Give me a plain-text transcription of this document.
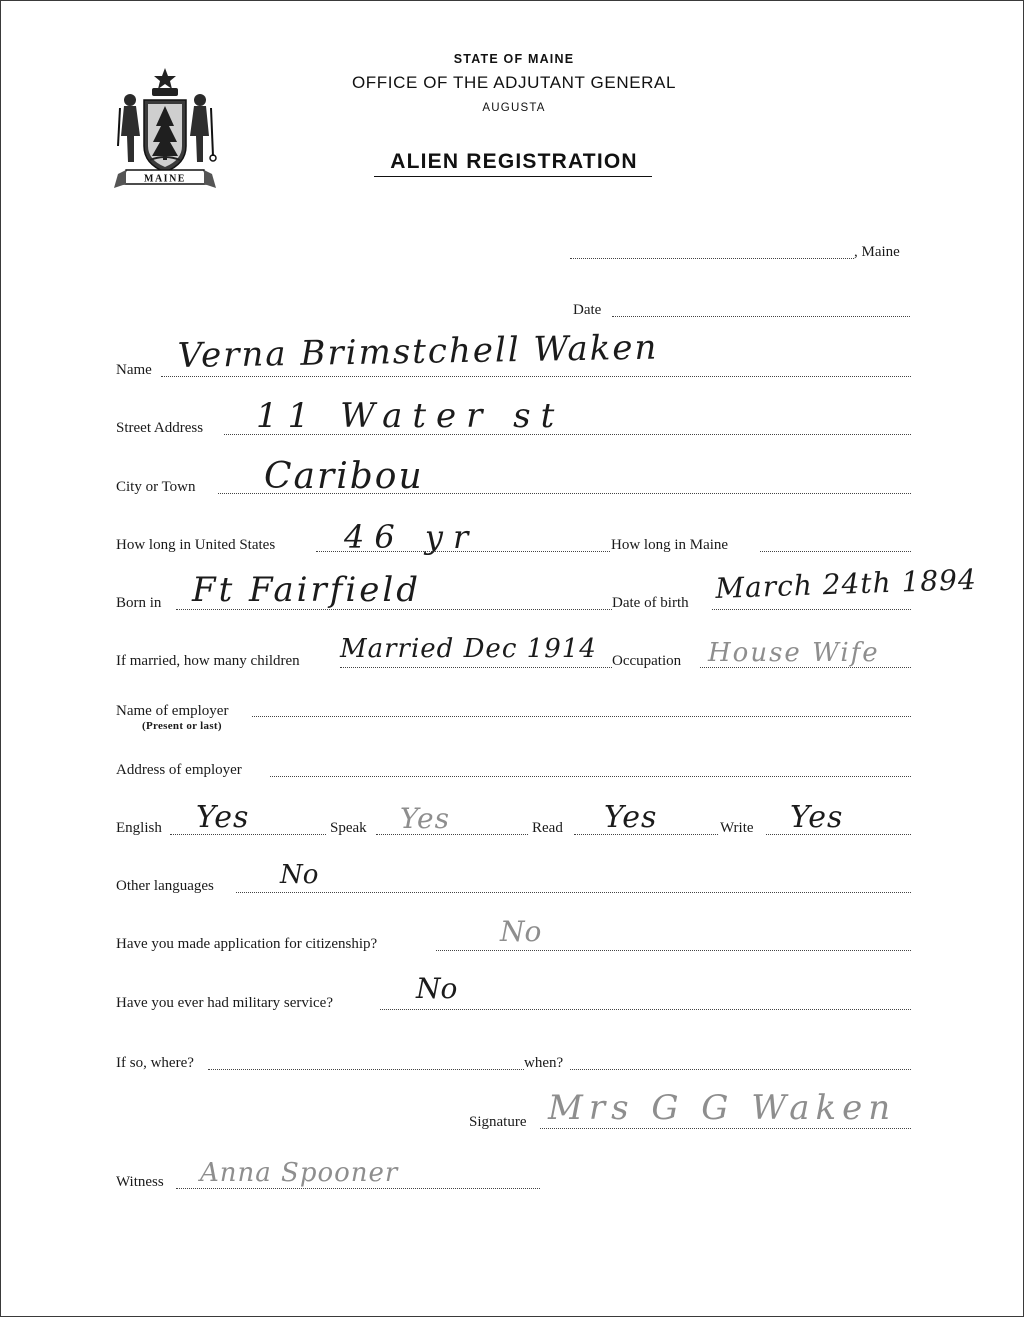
MAINE
STATE OF MAINE
OFFICE OF THE ADJUTANT GENERAL
AUGUSTA
ALIEN REGISTRATION
, Maine
Date
Name Verna Brimstchell Waken
Street Address 11 Water st
City or Town Caribou
How long in United States 46 yr	How long in Maine
Born in Ft Fairfield	Date of birth March 24th 1894
If married, how many children Married Dec 1914 Occupation House Wife
Name of employer
(Present or last)
Address of employer
English Yes	Speak Yes	Read Yes	Write Yes
Other languages	No
Have you made application for citizenship?	No
Have you ever had military service?	No
If so, where?	when?
Signature Mrs G G Waken
Witness Anna Spooner
